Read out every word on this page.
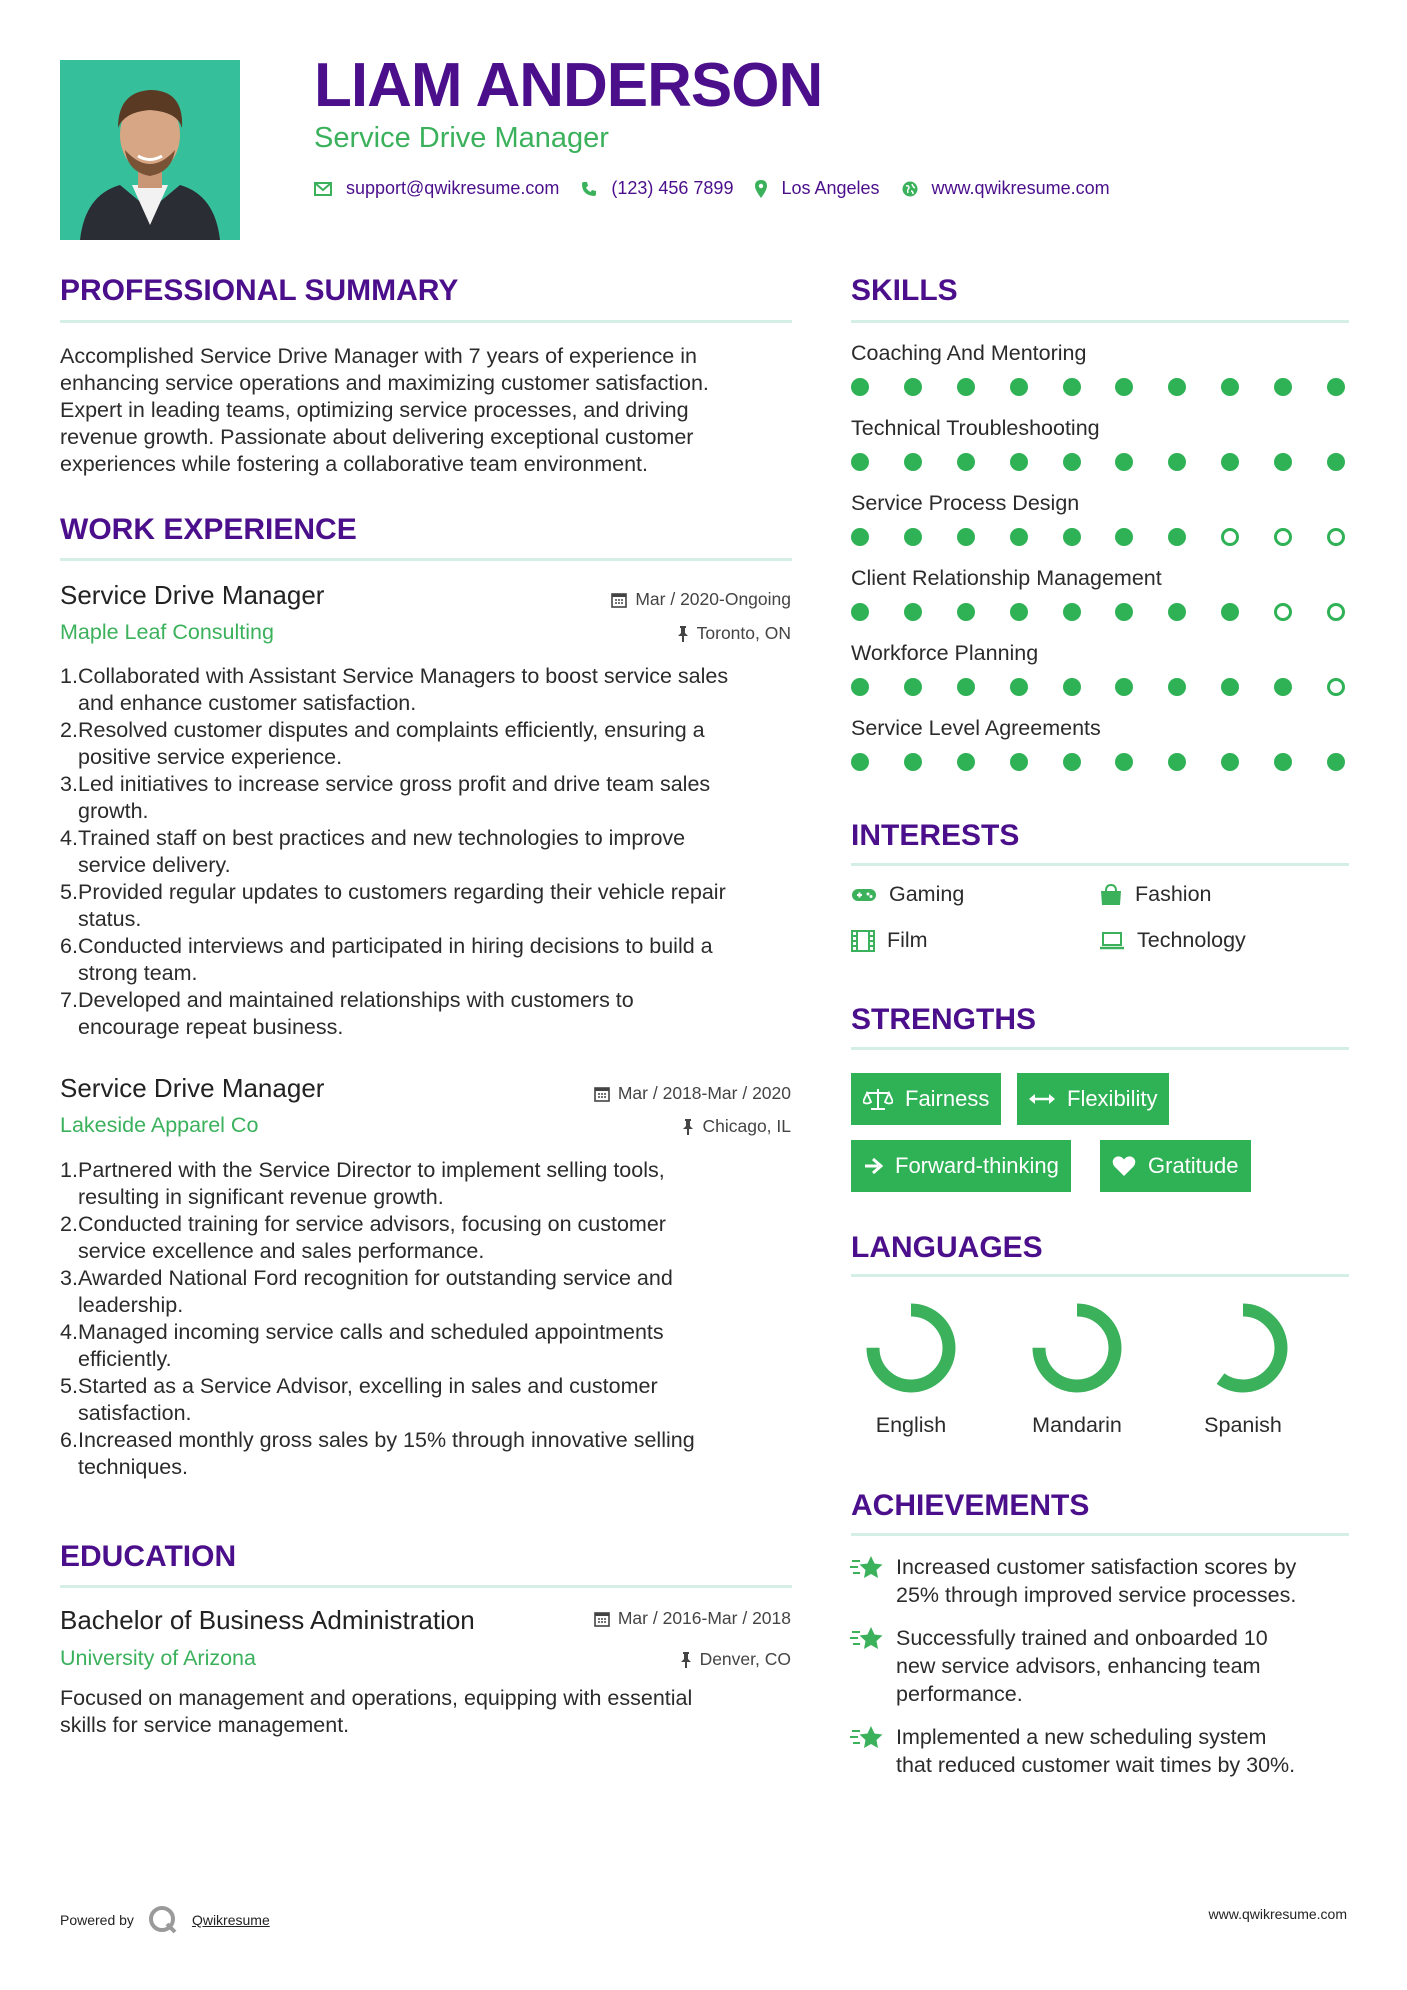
LIAM ANDERSON
Service Drive Manager
support@qwikresume.com	(123) 456 7899	Los Angeles	www.qwikresume.com
PROFESSIONAL SUMMARY
Accomplished Service Drive Manager with 7 years of experience in
enhancing service operations and maximizing customer satisfaction.
Expert in leading teams, optimizing service processes, and driving
revenue growth. Passionate about delivering exceptional customer
experiences while fostering a collaborative team environment.
WORK EXPERIENCE
Service Drive Manager
Maple Leaf Consulting
Mar / 2020-Ongoing
Toronto, ON
1. Collaborated with Assistant Service Managers to boost service sales
and enhance customer satisfaction.
2. Resolved customer disputes and complaints efficiently, ensuring a
positive service experience.
3. Led initiatives to increase service gross profit and drive team sales
growth.
4. Trained staff on best practices and new technologies to improve
service delivery.
5. Provided regular updates to customers regarding their vehicle repair
status.
6. Conducted interviews and participated in hiring decisions to build a
strong team.
7. Developed and maintained relationships with customers to
encourage repeat business.
Service Drive Manager
Lakeside Apparel Co
Mar / 2018-Mar / 2020
Chicago, IL
1. Partnered with the Service Director to implement selling tools,
resulting in significant revenue growth.
2. Conducted training for service advisors, focusing on customer
service excellence and sales performance.
3. Awarded National Ford recognition for outstanding service and
leadership.
4. Managed incoming service calls and scheduled appointments
efficiently.
5. Started as a Service Advisor, excelling in sales and customer
satisfaction.
6. Increased monthly gross sales by 15% through innovative selling
techniques.
EDUCATION
Bachelor of Business Administration
University of Arizona
Mar / 2016-Mar / 2018
Denver, CO
Focused on management and operations, equipping with essential
skills for service management.
SKILLS
Coaching And Mentoring
Technical Troubleshooting
Service Process Design
Client Relationship Management
Workforce Planning
Service Level Agreements
INTERESTS
Gaming	Fashion
Film	Technology
STRENGTHS
Fairness	Flexibility
Forward-thinking	Gratitude
LANGUAGES
English	Mandarin	Spanish
ACHIEVEMENTS
Increased customer satisfaction scores by
25% through improved service processes.
Successfully trained and onboarded 10
new service advisors, enhancing team
performance.
Implemented a new scheduling system
that reduced customer wait times by 30%.
Powered by	Qwikresume	www.qwikresume.com
